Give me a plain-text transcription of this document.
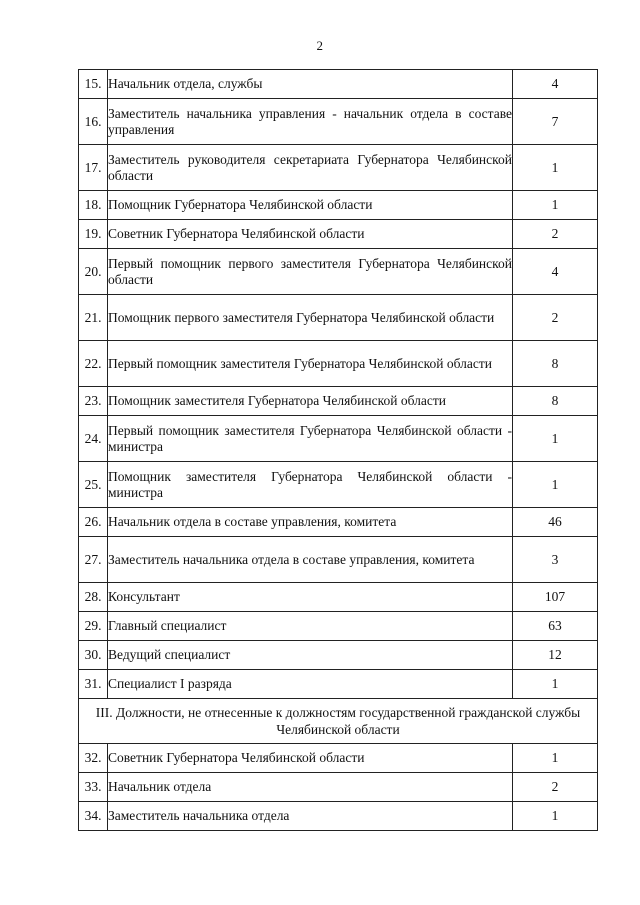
2
15.	Начальник отдела, службы	4
16.	Заместитель начальника управления - начальник отдела в составе управления	7
17.	Заместитель руководителя секретариата Губернатора Челябинской области	1
18.	Помощник Губернатора Челябинской области	1
19.	Советник Губернатора Челябинской области	2
20.	Первый помощник первого заместителя Губернатора Челябинской области	4
21.	Помощник первого заместителя Губернатора Челябинской области	2
22.	Первый помощник заместителя Губернатора Челябинской области	8
23.	Помощник заместителя Губернатора Челябинской области	8
24.	Первый помощник заместителя Губернатора Челябинской области - министра	1
25.	Помощник заместителя Губернатора Челябинской области - министра	1
26.	Начальник отдела в составе управления, комитета	46
27.	Заместитель начальника отдела в составе управления, комитета	3
28.	Консультант	107
29.	Главный специалист	63
30.	Ведущий специалист	12
31.	Специалист I разряда	1
III. Должности, не отнесенные к должностям государственной гражданской службы Челябинской области		
32.	Советник Губернатора Челябинской области	1
33.	Начальник отдела	2
34.	Заместитель начальника отдела	1
